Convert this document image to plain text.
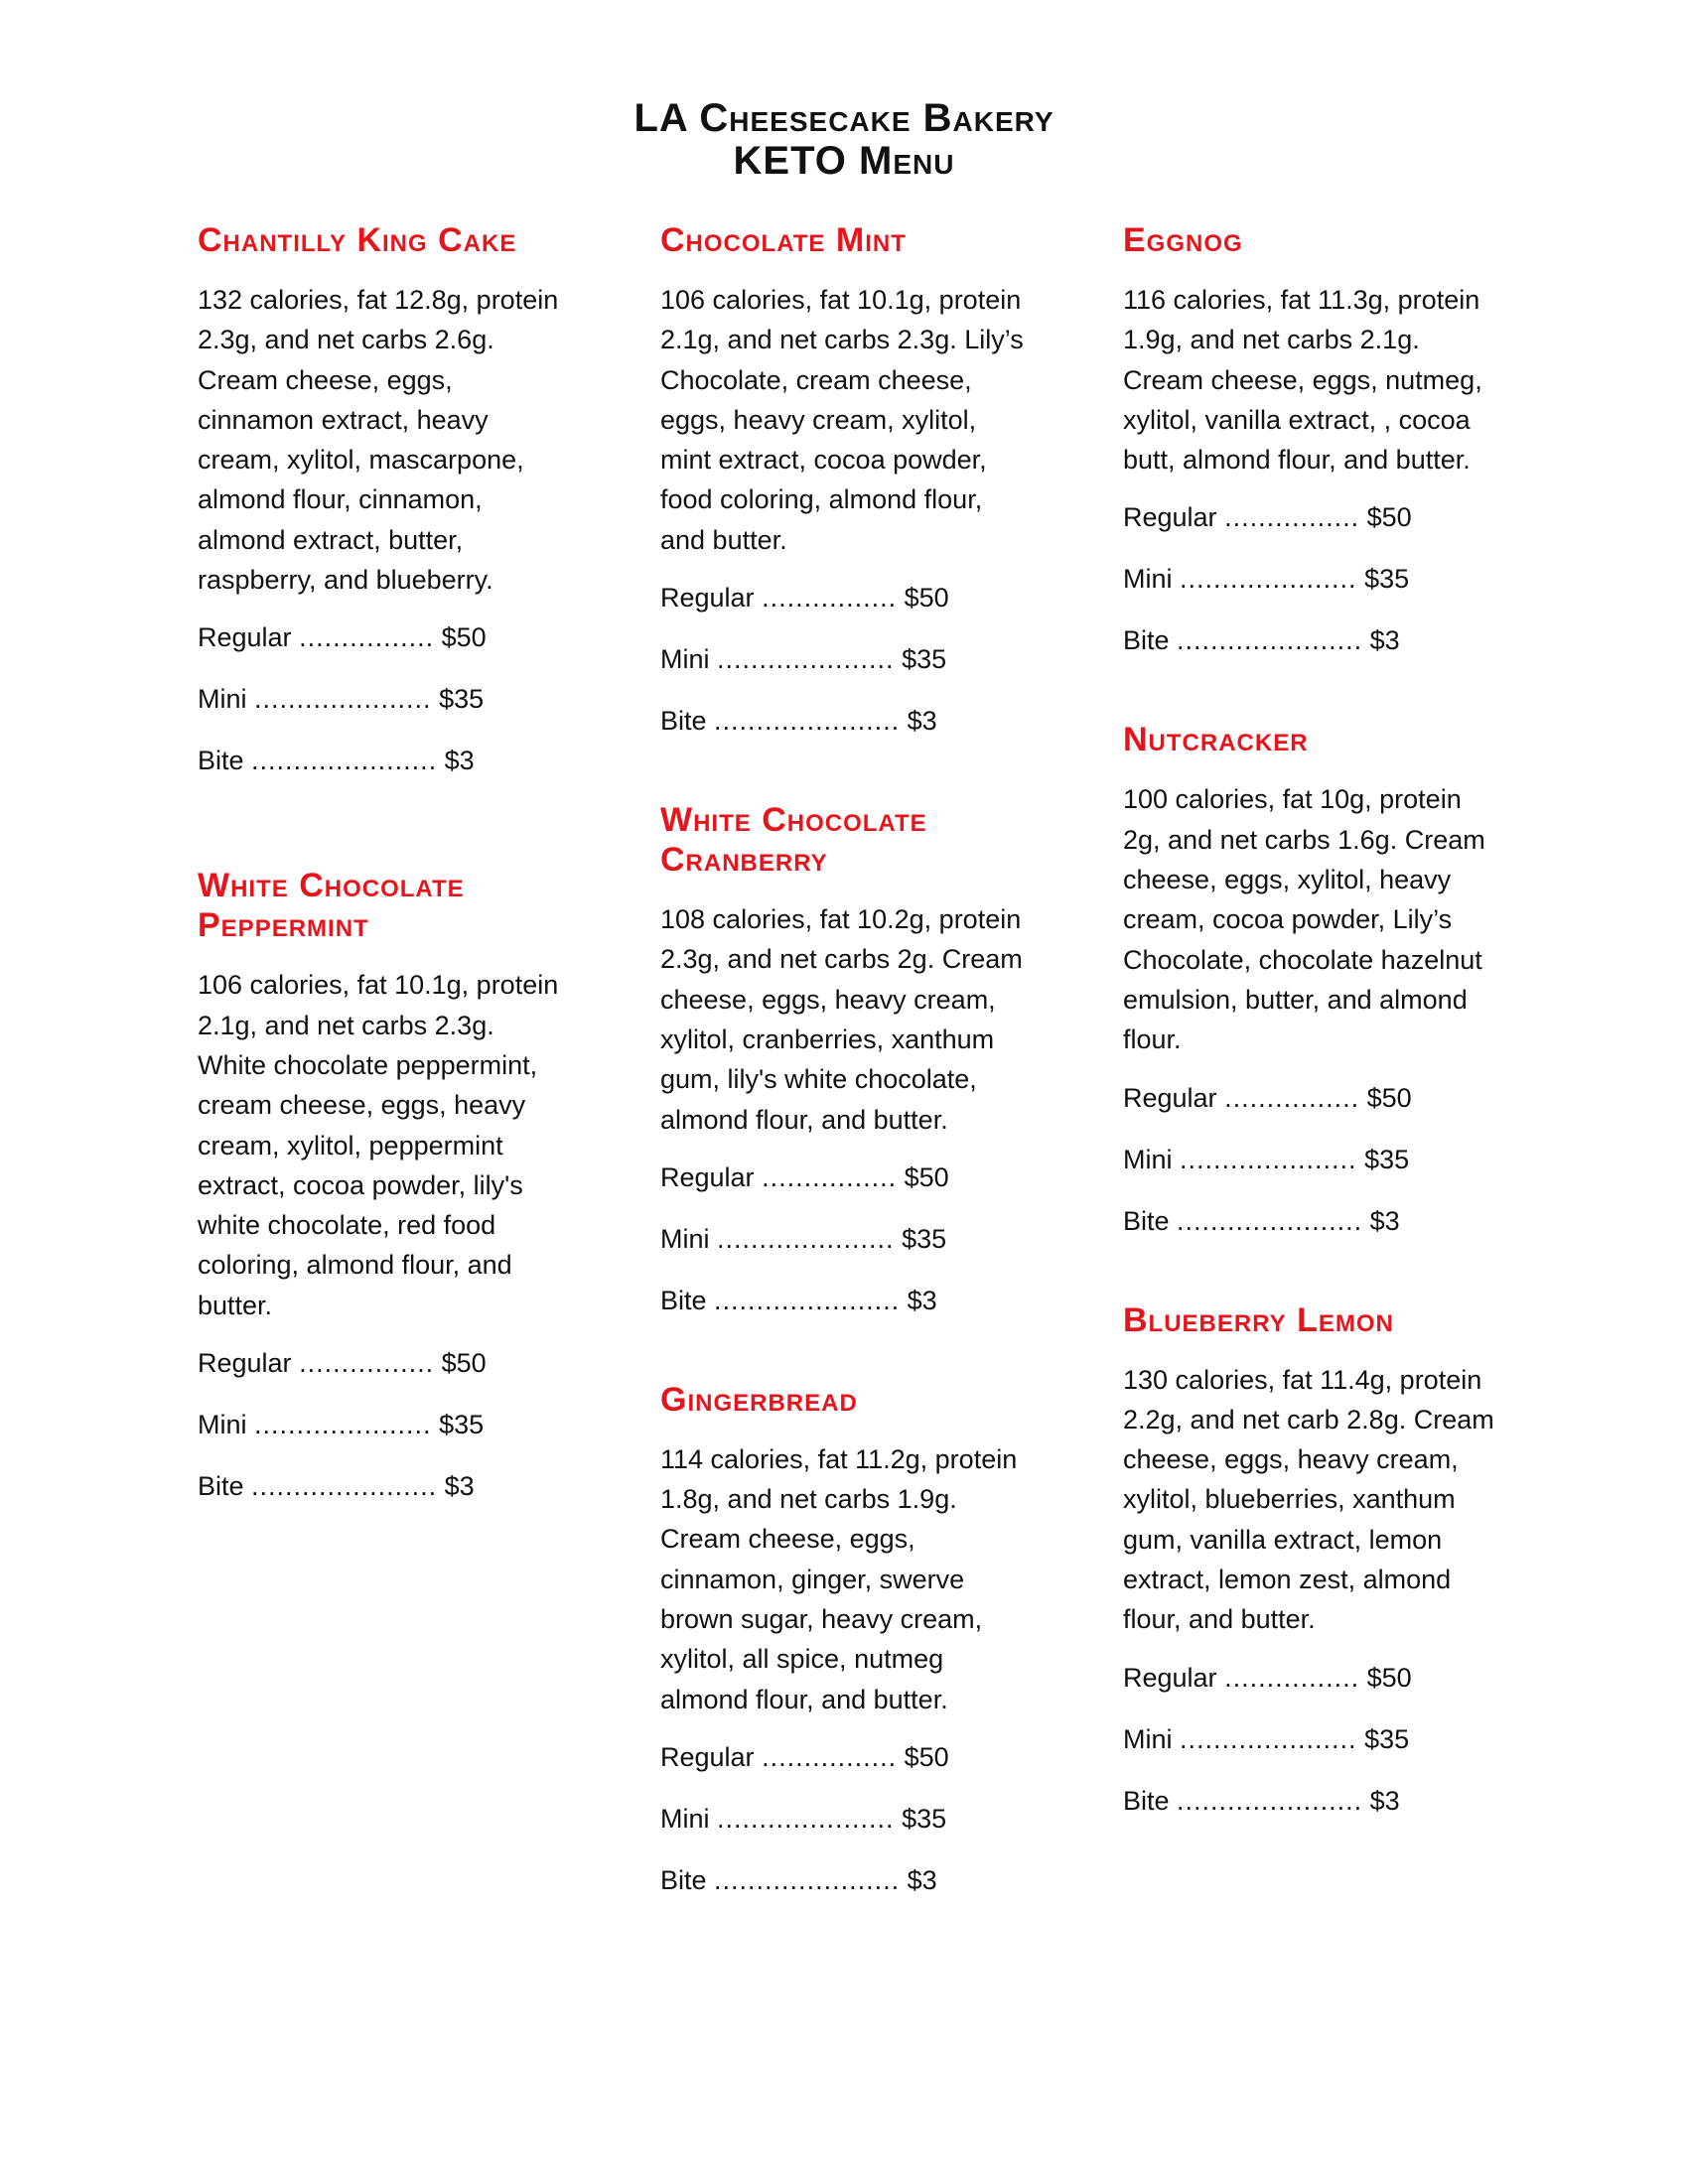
LA Cheesecake Bakery
KETO Menu
Chantilly King Cake
132 calories, fat 12.8g, protein 2.3g, and net carbs 2.6g. Cream cheese, eggs, cinnamon extract, heavy cream, xylitol, mascarpone, almond flour, cinnamon, almond extract, butter, raspberry, and blueberry.
Regular ................ $50
Mini ..................... $35
Bite ...................... $3
White Chocolate Peppermint
106 calories, fat 10.1g, protein 2.1g, and net carbs 2.3g. White chocolate peppermint, cream cheese, eggs, heavy cream, xylitol, peppermint extract, cocoa powder, lily's white chocolate, red food coloring, almond flour, and butter.
Regular ................ $50
Mini ..................... $35
Bite ...................... $3
Chocolate Mint
106 calories, fat 10.1g, protein 2.1g, and net carbs 2.3g. Lily’s Chocolate, cream cheese, eggs, heavy cream, xylitol, mint extract, cocoa powder, food coloring, almond flour, and butter.
Regular ................ $50
Mini ..................... $35
Bite ...................... $3
White Chocolate Cranberry
108 calories, fat 10.2g, protein 2.3g, and net carbs 2g. Cream cheese, eggs, heavy cream, xylitol, cranberries, xanthum gum, lily's white chocolate, almond flour, and butter.
Regular ................ $50
Mini ..................... $35
Bite ...................... $3
Gingerbread
114 calories, fat 11.2g, protein 1.8g, and net carbs 1.9g. Cream cheese, eggs, cinnamon, ginger, swerve brown sugar, heavy cream, xylitol, all spice, nutmeg almond flour, and butter.
Regular ................ $50
Mini ..................... $35
Bite ...................... $3
Eggnog
116 calories, fat 11.3g, protein 1.9g, and net carbs 2.1g. Cream cheese, eggs, nutmeg, xylitol, vanilla extract, , cocoa butt, almond flour, and butter.
Regular ................ $50
Mini ..................... $35
Bite ...................... $3
Nutcracker
100 calories, fat 10g, protein 2g, and net carbs 1.6g. Cream cheese, eggs, xylitol, heavy cream, cocoa powder, Lily’s Chocolate, chocolate hazelnut emulsion, butter, and almond flour.
Regular ................ $50
Mini ..................... $35
Bite ...................... $3
Blueberry Lemon
130 calories, fat 11.4g, protein 2.2g, and net carb 2.8g. Cream cheese, eggs, heavy cream, xylitol, blueberries, xanthum gum, vanilla extract, lemon extract, lemon zest, almond flour, and butter.
Regular ................ $50
Mini ..................... $35
Bite ...................... $3
